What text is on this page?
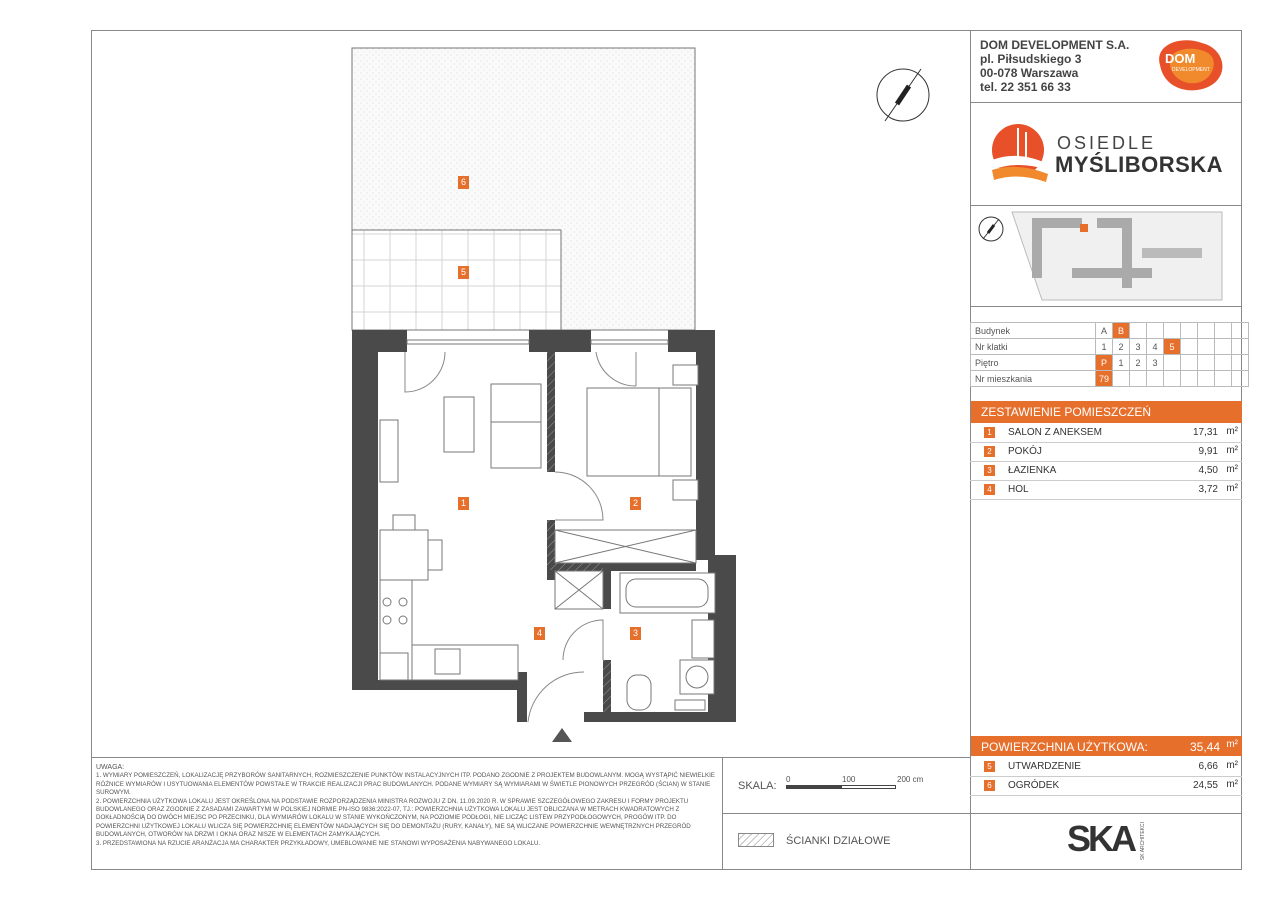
6
5
1	2
3
4
DOM DEVELOPMENT S.A.
pl. Piłsudskiego 3
00-078 Warszawa
tel. 22 351 66 33
DOM
DEVELOPMENT
OSIEDLE
MYŚLIBORSKA
Budynek	A	B							
Nr klatki	1	2	3	4	5				
Piętro	P	1	2	3					
Nr mieszkania	79								
ZESTAWIENIE POMIESZCZEŃ
1	SALON Z ANEKSEM	17,31 m²
2	POKÓJ	9,91 m²
3	ŁAZIENKA	4,50 m²
4	HOL	3,72 m²
POWIERZCHNIA UŻYTKOWA:	35,44 m²
5	UTWARDZENIE	6,66 m²
6	OGRÓDEK	24,55 m²
UWAGA:
1. WYMIARY POMIESZCZEŃ, LOKALIZACJĘ PRZYBORÓW SANITARNYCH, ROZMIESZCZENIE PUNKTÓW INSTALACYJNYCH ITP. PODANO ZGODNIE Z PROJEKTEM BUDOWLANYM. MOGĄ WYSTĄPIĆ NIEWIELKIE RÓŻNICE WYMIARÓW I USYTUOWANIA ELEMENTÓW POWSTAŁE W TRAKCIE REALIZACJI PRAC BUDOWLANYCH. PODANE WYMIARY SĄ WYMIARAMI W ŚWIETLE PIONOWYCH PRZEGRÓD (ŚCIAN) W STANIE SUROWYM.
2. POWIERZCHNIA UŻYTKOWA LOKALU JEST OKREŚLONA NA PODSTAWIE ROZPORZĄDZENIA MINISTRA ROZWOJU Z DN. 11.09.2020 R. W SPRAWIE SZCZEGÓŁOWEGO ZAKRESU I FORMY PROJEKTU BUDOWLANEGO ORAZ ZGODNIE Z ZASADAMI ZAWARTYMI W POLSKIEJ NORMIE PN-ISO 9836:2022-07, TJ.: POWIERZCHNIA UŻYTKOWA LOKALU JEST OBLICZANA W METRACH KWADRATOWYCH Z DOKŁADNOŚCIĄ DO DWÓCH MIEJSC PO PRZECINKU, DLA WYMIARÓW LOKALU W STANIE WYKOŃCZONYM, NA POZIOMIE PODŁOGI, NIE LICZĄC LISTEW PRZYPODŁOGOWYCH, PROGÓW ITP. DO POWIERZCHNI UŻYTKOWEJ LOKALU WLICZA SIĘ POWIERZCHNIĘ ELEMENTÓW NADAJĄCYCH SIĘ DO DEMONTAŻU (RURY, KANAŁY), NIE SĄ WLICZANE POWIERZCHNIE WEWNĘTRZNYCH PRZEGRÓD BUDOWLANYCH, OTWORÓW NA DRZWI I OKNA ORAZ NISZE W ELEMENTACH ZAMYKAJĄCYCH.
3. PRZEDSTAWIONA NA RZUCIE ARANŻACJA MA CHARAKTER PRZYKŁADOWY, UMEBLOWANIE NIE STANOWI WYPOSAŻENIA NABYWANEGO LOKALU.
SKALA:
0	100	200 cm
ŚCIANKI DZIAŁOWE	SKA SK ARCHITEKCI
